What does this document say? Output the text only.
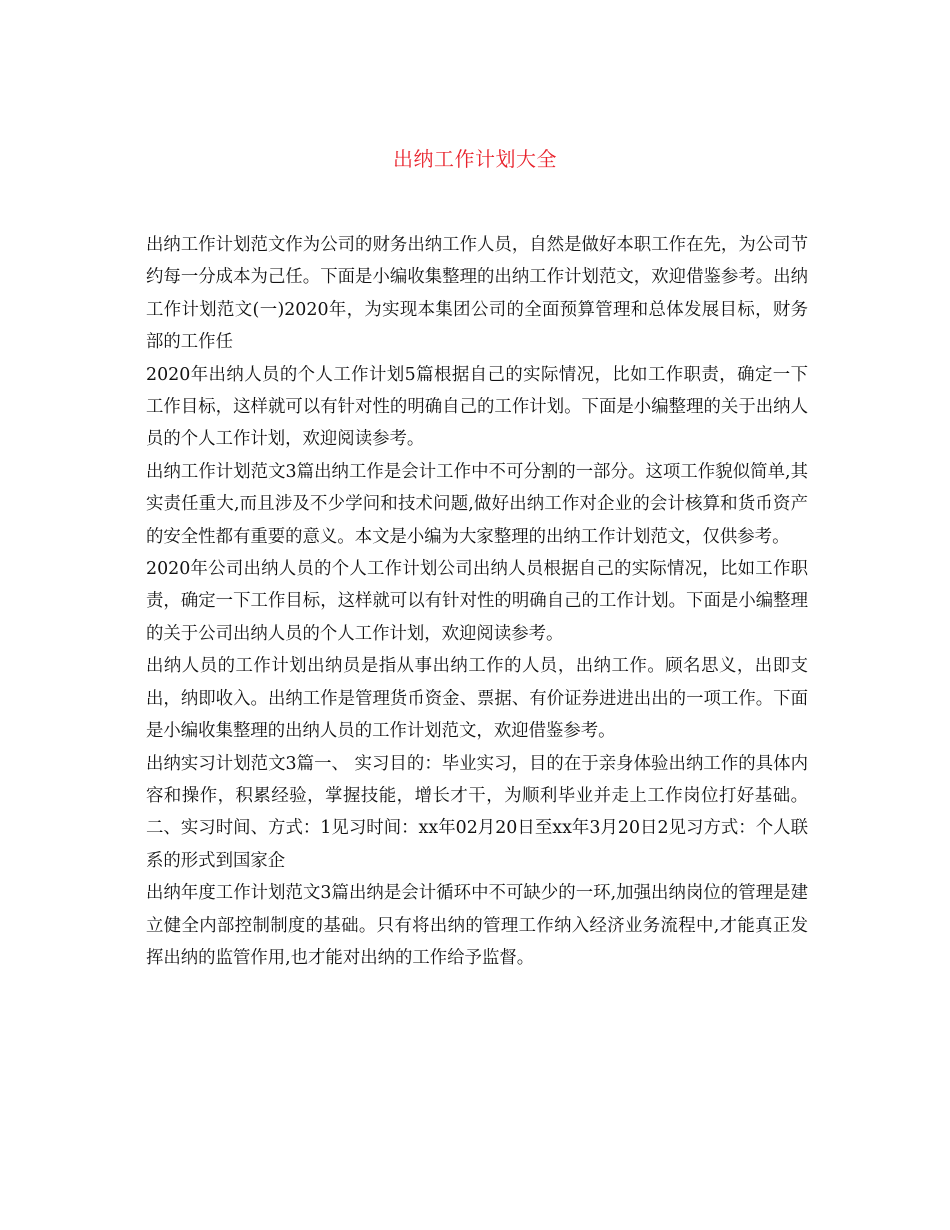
出纳工作计划大全

出纳工作计划范文作为公司的财务出纳工作人员，自然是做好本职工作在先，为公司节约每一分成本为己任。下面是小编收集整理的出纳工作计划范文，欢迎借鉴参考。出纳工作计划范文(一)2020年，为实现本集团公司的全面预算管理和总体发展目标，财务部的工作任

2020年出纳人员的个人工作计划5篇根据自己的实际情况，比如工作职责，确定一下工作目标，这样就可以有针对性的明确自己的工作计划。下面是小编整理的关于出纳人员的个人工作计划，欢迎阅读参考。

出纳工作计划范文3篇出纳工作是会计工作中不可分割的一部分。这项工作貌似简单,其实责任重大,而且涉及不少学问和技术问题,做好出纳工作对企业的会计核算和货币资产的安全性都有重要的意义。本文是小编为大家整理的出纳工作计划范文，仅供参考。

2020年公司出纳人员的个人工作计划公司出纳人员根据自己的实际情况，比如工作职责，确定一下工作目标，这样就可以有针对性的明确自己的工作计划。下面是小编整理的关于公司出纳人员的个人工作计划，欢迎阅读参考。

出纳人员的工作计划出纳员是指从事出纳工作的人员，出纳工作。顾名思义，出即支出，纳即收入。出纳工作是管理货币资金、票据、有价证券进进出出的一项工作。下面是小编收集整理的出纳人员的工作计划范文，欢迎借鉴参考。

出纳实习计划范文3篇一、 实习目的：毕业实习，目的在于亲身体验出纳工作的具体内容和操作，积累经验，掌握技能，增长才干，为顺利毕业并走上工作岗位打好基础。二、实习时间、方式：1见习时间：xx年02月20日至xx年3月20日2见习方式：个人联系的形式到国家企

出纳年度工作计划范文3篇出纳是会计循环中不可缺少的一环,加强出纳岗位的管理是建立健全内部控制制度的基础。只有将出纳的管理工作纳入经济业务流程中,才能真正发挥出纳的监管作用,也才能对出纳的工作给予监督。
